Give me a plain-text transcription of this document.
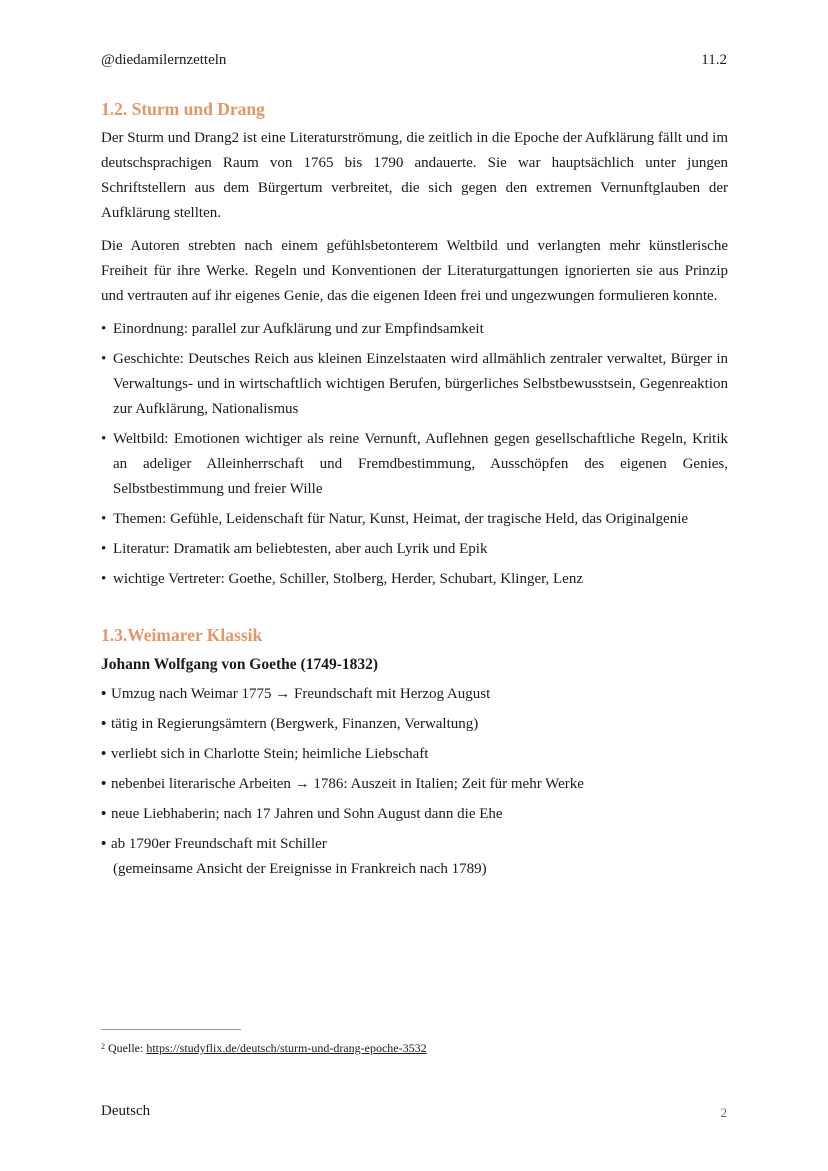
@diedamilernzetteln	11.2
1.2. Sturm und Drang

Der Sturm und Drang2 ist eine Literaturströmung, die zeitlich in die Epoche der Aufklärung fällt und im deutschsprachigen Raum von 1765 bis 1790 andauerte. Sie war hauptsächlich unter jungen Schriftstellern aus dem Bürgertum verbreitet, die sich gegen den extremen Vernunftglauben der Aufklärung stellten.

Die Autoren strebten nach einem gefühlsbetonterem Weltbild und verlangten mehr künstlerische Freiheit für ihre Werke. Regeln und Konventionen der Literaturgattungen ignorierten sie aus Prinzip und vertrauten auf ihr eigenes Genie, das die eigenen Ideen frei und ungezwungen formulieren konnte.

• Einordnung: parallel zur Aufklärung und zur Empfindsamkeit
• Geschichte: Deutsches Reich aus kleinen Einzelstaaten wird allmählich zentraler verwaltet, Bürger in Verwaltungs- und in wirtschaftlich wichtigen Berufen, bürgerliches Selbstbewusstsein, Gegenreaktion zur Aufklärung, Nationalismus
• Weltbild: Emotionen wichtiger als reine Vernunft, Auflehnen gegen gesellschaftliche Regeln, Kritik an adeliger Alleinherrschaft und Fremdbestimmung, Ausschöpfen des eigenen Genies, Selbstbestimmung und freier Wille
• Themen: Gefühle, Leidenschaft für Natur, Kunst, Heimat, der tragische Held, das Originalgenie
• Literatur: Dramatik am beliebtesten, aber auch Lyrik und Epik
• wichtige Vertreter: Goethe, Schiller, Stolberg, Herder, Schubart, Klinger, Lenz
1.3.Weimarer Klassik
Johann Wolfgang von Goethe (1749-1832)
• Umzug nach Weimar 1775 → Freundschaft mit Herzog August
• tätig in Regierungsämtern (Bergwerk, Finanzen, Verwaltung)
• verliebt sich in Charlotte Stein; heimliche Liebschaft
• nebenbei literarische Arbeiten → 1786: Auszeit in Italien; Zeit für mehr Werke
• neue Liebhaberin; nach 17 Jahren und Sohn August dann die Ehe
• ab 1790er Freundschaft mit Schiller
(gemeinsame Ansicht der Ereignisse in Frankreich nach 1789)
$^2$ Quelle: https://studyflix.de/deutsch/sturm-und-drang-epoche-3532
Deutsch	2
